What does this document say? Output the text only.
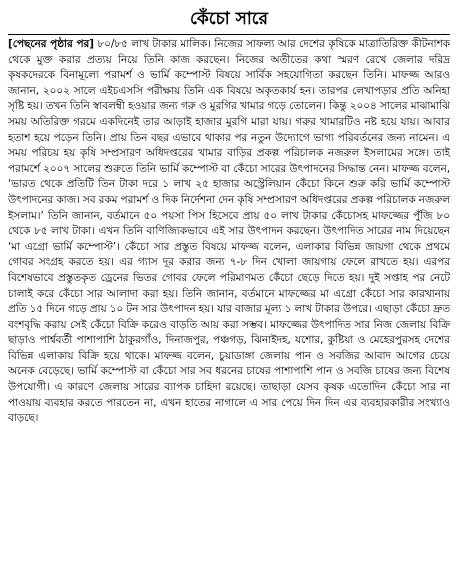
কেঁচো সারে

[পেছনের পৃষ্ঠার পর] ৮০/৮৫ লাখ টাকার মালিক। নিজের সাফল্য আর দেশের কৃষিকে মাত্রাতিরিক্ত কীটনাশক থেকে মুক্ত করার প্রত্যয় নিয়ে তিনি কাজ করছেন। নিজের অতীতের কথা স্মরণ রেখে জেলার দরিদ্র কৃষকদেরকে বিনামূল্যে পরামর্শ ও ভার্মি কম্পোস্ট বিষয়ে সার্বিক সহযোগিতা করছেন তিনি। মাফজ্জ আরও জানান, ২০০২ সালে এইচএসসি পরীক্ষায় তিনি এক বিষয়ে অকৃতকার্য হন। তারপর লেখাপড়ার প্রতি অনিহা সৃষ্টি হয়। তখন তিনি স্বাবলম্বী হওয়ার জন্য গরু ও মুরগির খামার গড়ে তোলেন। কিন্তু ২০০৪ সালের মাঝামাঝি সময় অতিরিক্ত গরমে একদিনেই তার আড়াই হাজার মুরগি মারা যায়। গরুর খামারটিও নষ্ট হয়ে যায়। আবার হতাশ হয়ে পড়েন তিনি। প্রায় তিন বছর এভাবে থাকার পর নতুন উদ্যোগে ভাগ্য পরিবর্তনের জন্য নামেন। এ সময় পরিচয় হয় কৃষি সম্প্রসারণ অধিদপ্তরের খামার বাড়ির প্রকল্প পরিচালক নজরুল ইসলামের সঙ্গে। তাই পরামর্শে ২০০৭ সালের শুরুতে তিনি ভার্মি কম্পোস্ট বা কেঁচো সারের উৎপাদনের সিদ্ধান্ত নেন। মাফজ্জ বলেন, ‘ভারত থেকে প্রতিটি তিন টাকা দরে ১ লাখ ২৫ হাজার অস্ট্রেলিয়ান কেঁচো কিনে শুরু করি ভার্মি কম্পোস্ট উৎপাদনের কাজ। সব রকম পরামর্শ ও দিক নির্দেশনা দেন কৃষি সম্প্রসারণ অধিদপ্তরের প্রকল্প পরিচালক নজরুল ইসলাম।’ তিনি জানান, বর্তমানে ৫০ পয়সা পিস হিসেবে প্রায় ৫০ লাখ টাকার কেঁচোসহ মাফজ্জের পুঁজি ৮০ থেকে ৮৫ লাখ টাকা। এখন তিনি বাণিজ্যিকভাবে এই সার উৎপাদন করছেন। উৎপাদিত সারের নাম দিয়েছেন ‘মা এগ্রো ভার্মি কম্পোস্ট’। কেঁচো সার প্রস্তুত বিষয়ে মাফজ্জ বলেন, এলাকার বিভিন্ন জায়গা থেকে প্রথমে গোবর সংগ্রহ করতে হয়। এর গ্যাস দূর করার জন্য ৭-৮ দিন খোলা জায়গায় ফেলে রাখতে হয়। এরপর বিশেষভাবে প্রস্তুতকৃত ড্রেনের ভিতর গোবর ফেলে পরিমাণমত কেঁচো ছেড়ে দিতে হয়। দুই সপ্তাহ পর নেটে চালাই করে কেঁচো সার আলাদা করা হয়। তিনি জানান, বর্তমানে মাফজ্জের মা এগ্রো কেঁচো সার কারখানায় প্রতি ১৫ দিনে গড়ে প্রায় ১০ টন সার উৎপাদন হয়। যার বাজার মূল্য ১ লাখ টাকার উপরে। এছাড়া কেঁচো দ্রুত বংশবৃদ্ধি করায় সেই কেঁচো বিক্রি করেও বাড়তি আয় করা সম্ভব। মাফজ্জের উৎপাদিত সার নিজ জেলায় বিক্রি ছাড়াও পার্শ্ববর্তী পাশাপাশি ঠাকুরগাঁও, দিনাজপুর, পঞ্চগড়, ঝিনাইদহ, যশোর, কুষ্টিয়া ও মেহেরপুরসহ দেশের বিভিন্ন এলাকায় বিক্রি হয়ে থাকে। মাফজ্জ বলেন, চুয়াডাঙ্গা জেলায় পান ও সবজির আবাদ আগের চেয়ে অনেক বেড়েছে। ভার্মি কম্পোস্ট বা কেঁচো সার সব ধরনের চাষের পাশাপাশি পান ও সবজি চাষের জন্য বিশেষ উপযোগী। এ কারণে জেলায় সারের ব্যাপক চাহিদা রয়েছে। তাছাড়া যেসব কৃষক এতোদিন কেঁচো সার না পাওয়ায় ব্যবহার করতে পারতেন না, এখন হাতের নাগালে এ সার পেয়ে দিন দিন এর ব্যবহারকারীর সংখ্যাও বাড়ছে।
